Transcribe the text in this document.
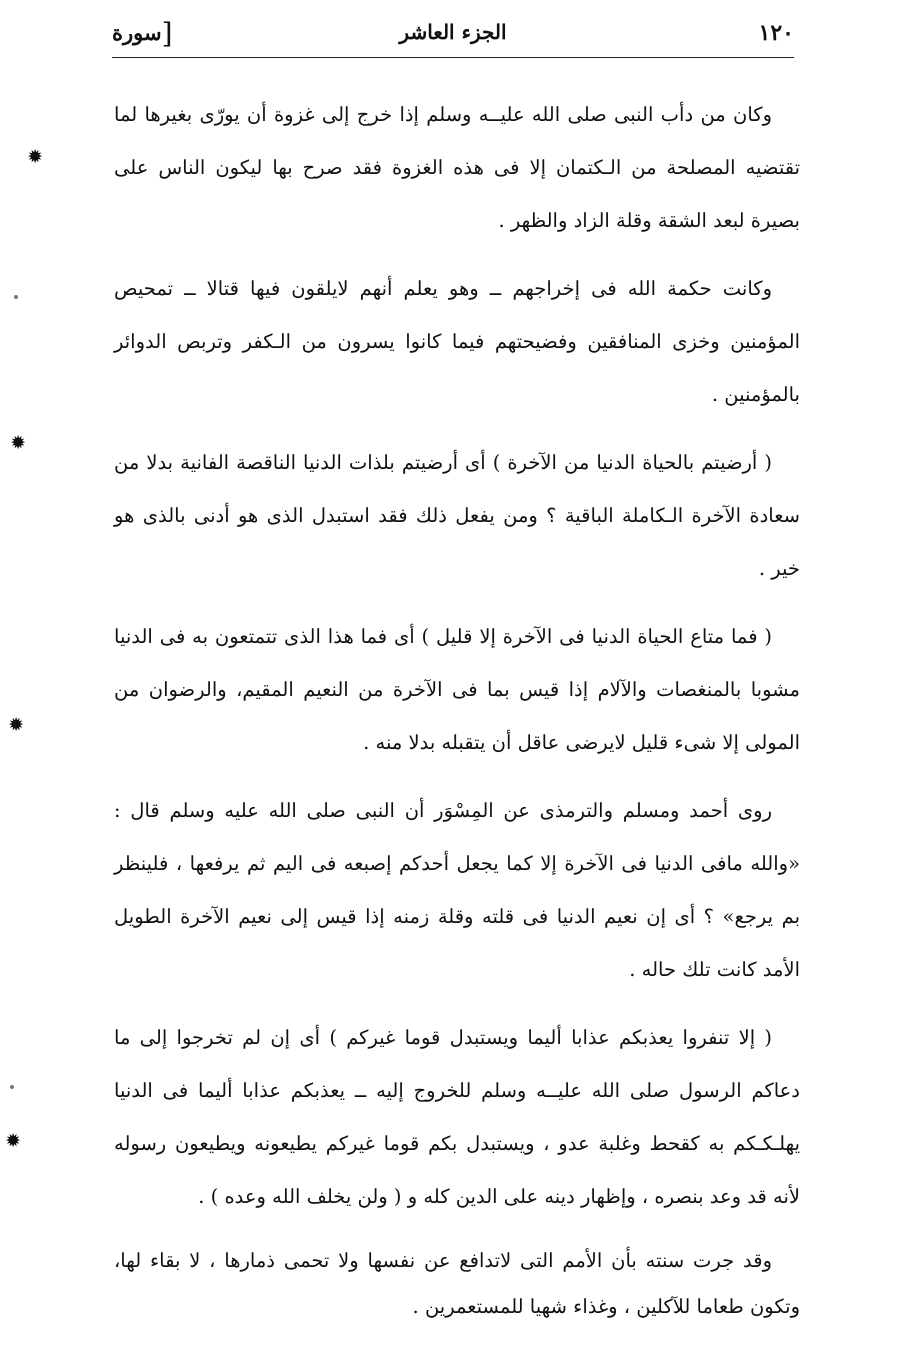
١٢٠
الجزء العاشر
[سورة

وكان من دأب النبى صلى الله عليــه وسلم إذا خرج إلى غزوة أن يورّى بغيرها لما تقتضيه المصلحة من الـكتمان إلا فى هذه الغزوة فقد صرح بها ليكون الناس على بصيرة لبعد الشقة وقلة الزاد والظهر .

وكانت حكمة الله فى إخراجهم ــ وهو يعلم أنهم لايلقون فيها قتالا ــ تمحيص المؤمنين وخزى المنافقين وفضيحتهم فيما كانوا يسرون من الـكفر وتربص الدوائر بالمؤمنين .

( أرضيتم بالحياة الدنيا من الآخرة ) أى أرضيتم بلذات الدنيا الناقصة الفانية بدلا من سعادة الآخرة الـكاملة الباقية ؟ ومن يفعل ذلك فقد استبدل الذى هو أدنى بالذى هو خير .

( فما متاع الحياة الدنيا فى الآخرة إلا قليل ) أى فما هذا الذى تتمتعون به فى الدنيا مشوبا بالمنغصات والآلام إذا قيس بما فى الآخرة من النعيم المقيم، والرضوان من المولى إلا شىء قليل لايرضى عاقل أن يتقبله بدلا منه .

روى أحمد ومسلم والترمذى عن المِسْوَر أن النبى صلى الله عليه وسلم قال : «والله مافى الدنيا فى الآخرة إلا كما يجعل أحدكم إصبعه فى اليم ثم يرفعها ، فلينظر بم يرجع» ؟ أى إن نعيم الدنيا فى قلته وقلة زمنه إذا قيس إلى نعيم الآخرة الطويل الأمد كانت تلك حاله .

( إلا تنفروا يعذبكم عذابا أليما ويستبدل قوما غيركم ) أى إن لم تخرجوا إلى ما دعاكم الرسول صلى الله عليــه وسلم للخروج إليه ــ يعذبكم عذابا أليما فى الدنيا يهلـكـكم به كقحط وغلبة عدو ، ويستبدل بكم قوما غيركم يطيعونه ويطيعون رسوله لأنه قد وعد بنصره ، وإظهار دينه على الدين كله و ( ولن يخلف الله وعده ) .

وقد جرت سنته بأن الأمم التى لاتدافع عن نفسها ولا تحمى ذمارها ، لا بقاء لها، وتكون طعاما للآكلين ، وغذاء شهيا للمستعمرين .

✹
✹
✹
✹
